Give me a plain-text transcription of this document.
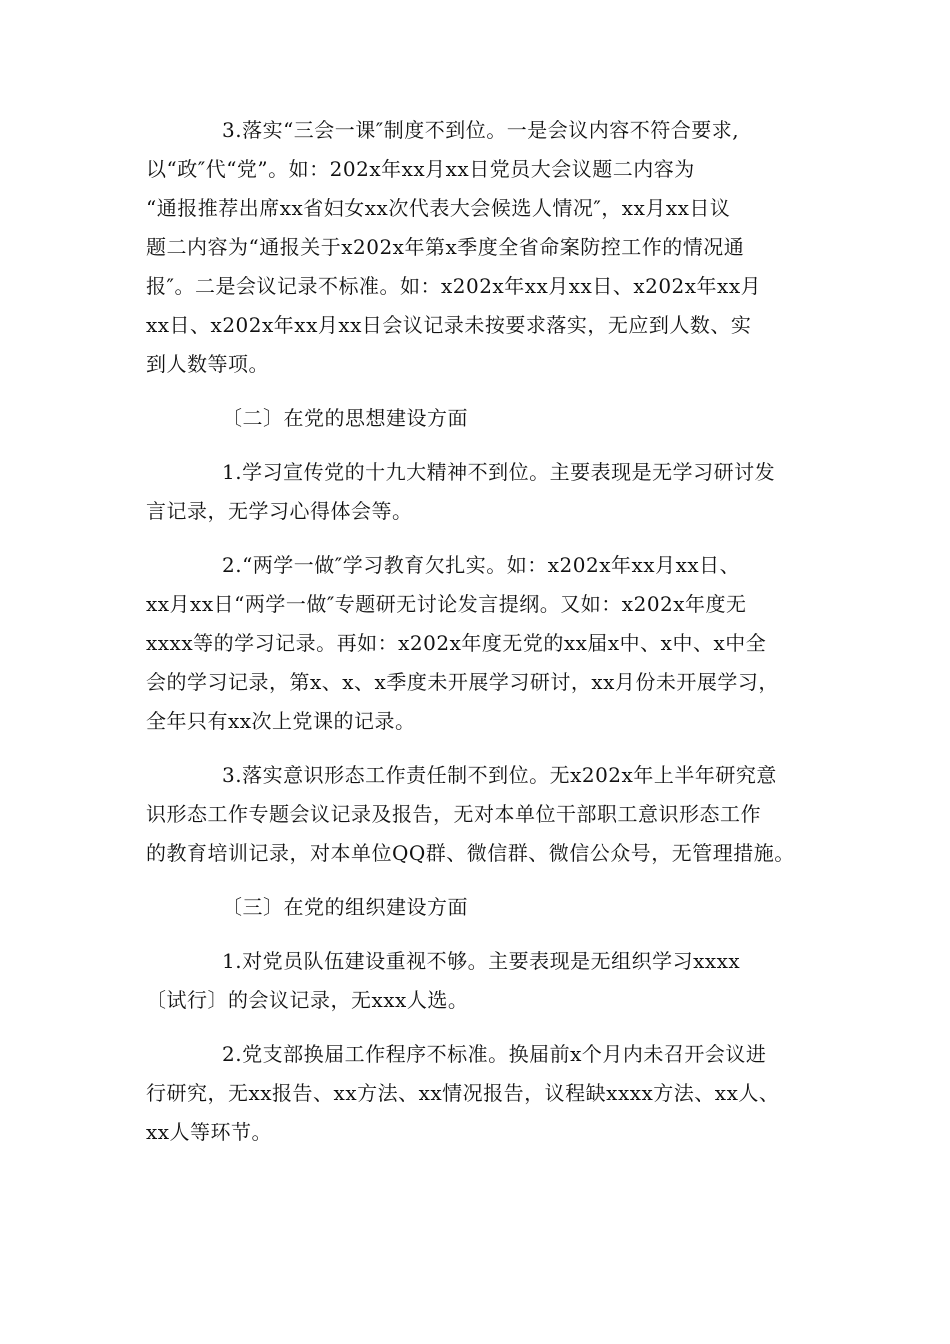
3.落实“三会一课″制度不到位。一是会议内容不符合要求,
以“政″代“党”。如：202x年xx月xx日党员大会议题二内容为
“通报推荐出席xx省妇女xx次代表大会候选人情况″，xx月xx日议
题二内容为“通报关于x202x年第x季度全省命案防控工作的情况通
报″。二是会议记录不标准。如：x202x年xx月xx日、x202x年xx月
xx日、x202x年xx月xx日会议记录未按要求落实，无应到人数、实
到人数等项。
〔二〕在党的思想建设方面
1.学习宣传党的十九大精神不到位。主要表现是无学习研讨发
言记录，无学习心得体会等。
2.“两学一做″学习教育欠扎实。如：x202x年xx月xx日、
xx月xx日“两学一做″专题研无讨论发言提纲。又如：x202x年度无
xxxx等的学习记录。再如：x202x年度无党的xx届x中、x中、x中全
会的学习记录，第x、x、x季度未开展学习研讨，xx月份未开展学习，
全年只有xx次上党课的记录。
3.落实意识形态工作责任制不到位。无x202x年上半年研究意
识形态工作专题会议记录及报告，无对本单位干部职工意识形态工作
的教育培训记录，对本单位QQ群、微信群、微信公众号，无管理措施。
〔三〕在党的组织建设方面
1.对党员队伍建设重视不够。主要表现是无组织学习xxxx
〔试行〕的会议记录，无xxx人选。
2.党支部换届工作程序不标准。换届前x个月内未召开会议进
行研究，无xx报告、xx方法、xx情况报告，议程缺xxxx方法、xx人、
xx人等环节。
